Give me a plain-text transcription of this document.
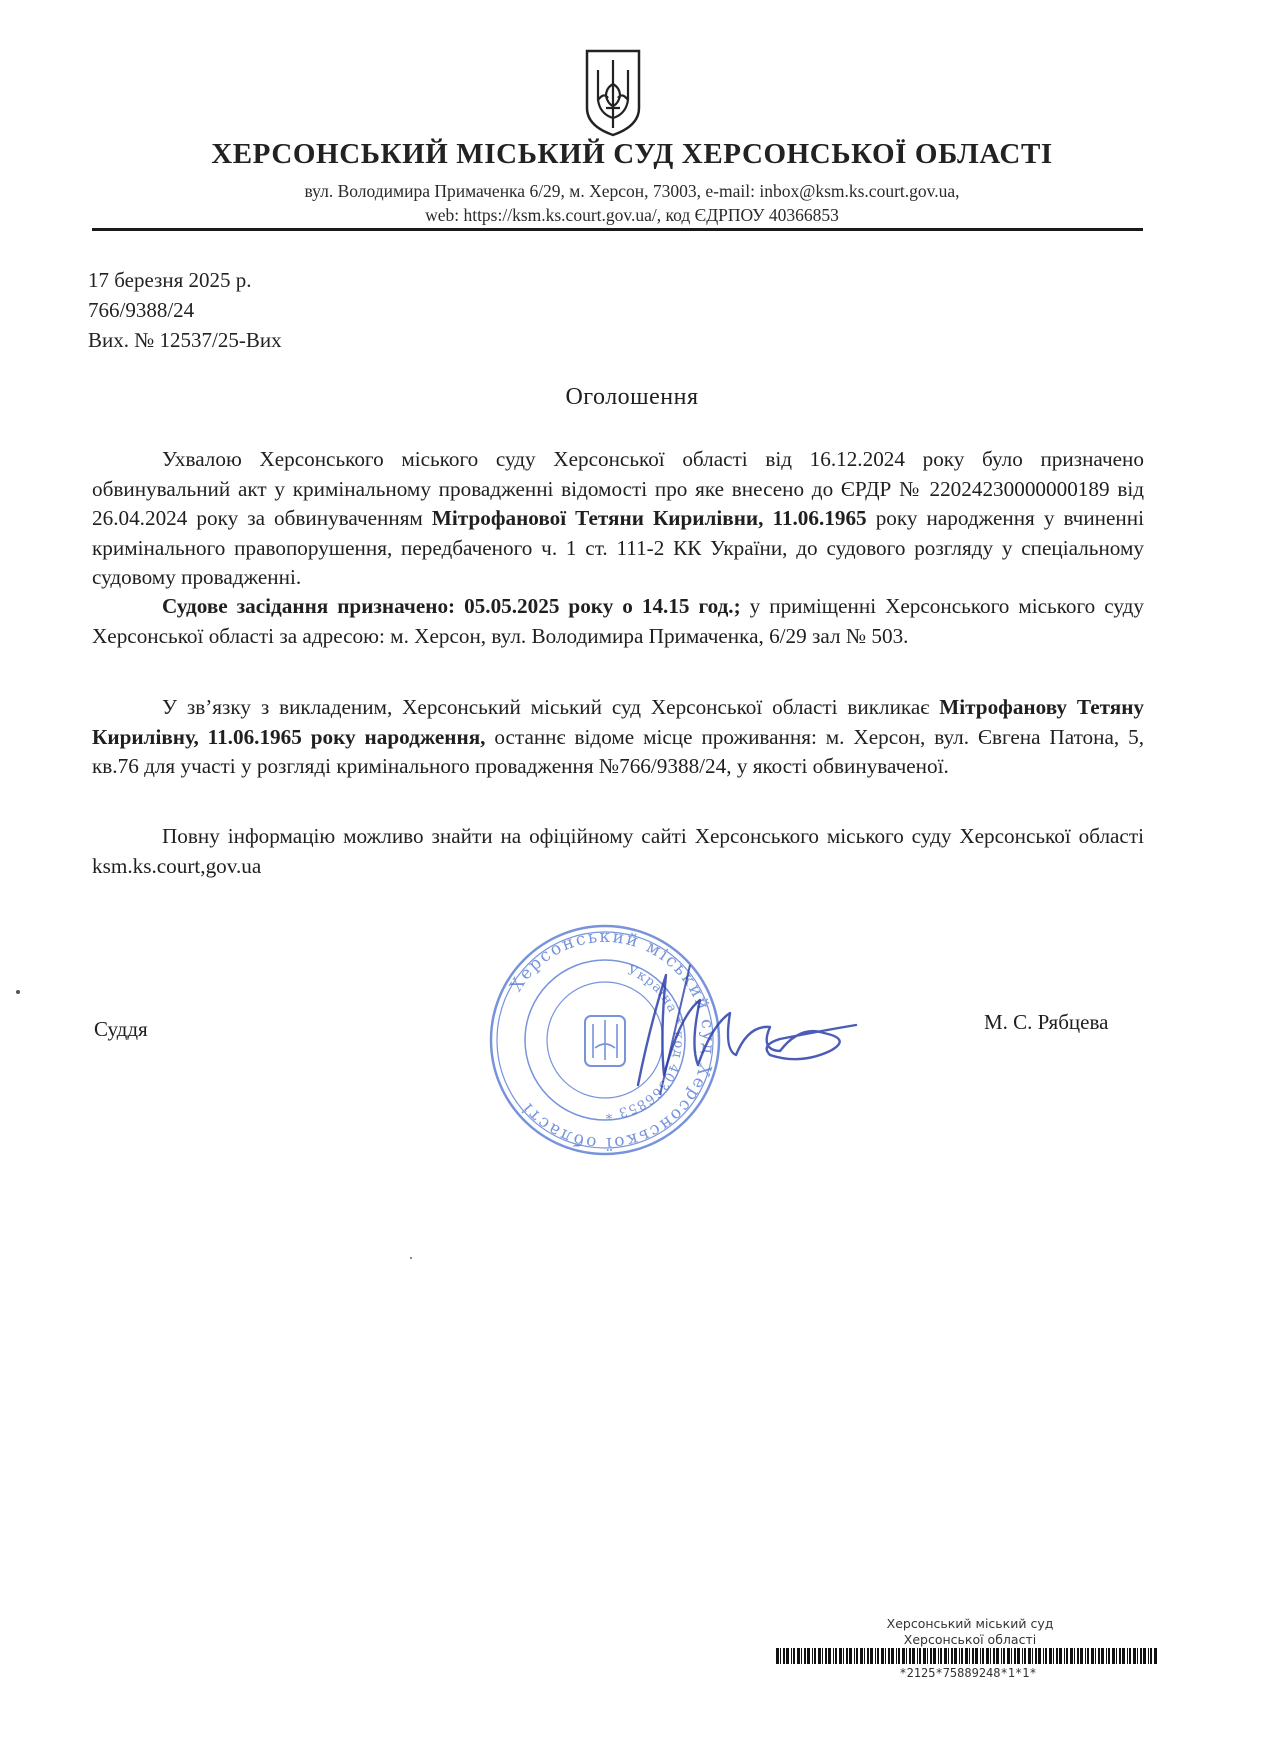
ХЕРСОНСЬКИЙ МІСЬКИЙ СУД ХЕРСОНСЬКОЇ ОБЛАСТІ
вул. Володимира Примаченка 6/29, м. Херсон, 73003, e-mail: inbox@ksm.ks.court.gov.ua,
web: https://ksm.ks.court.gov.ua/, код ЄДРПОУ 40366853
17 березня 2025 р.
766/9388/24
Вих. № 12537/25-Вих
Оголошення
Ухвалою Херсонського міського суду Херсонської області від 16.12.2024 року було призначено обвинувальний акт у кримінальному провадженні відомості про яке внесено до ЄРДР № 22024230000000189 від 26.04.2024 року за обвинуваченням Мітрофанової Тетяни Кирилівни, 11.06.1965 року народження у вчиненні кримінального правопорушення, передбаченого ч. 1 ст. 111-2 КК України, до судового розгляду у спеціальному судовому провадженні.
Судове засідання призначено: 05.05.2025 року о 14.15 год.; у приміщенні Херсонського міського суду Херсонської області за адресою: м. Херсон, вул. Володимира Примаченка, 6/29 зал № 503.
У зв’язку з викладеним, Херсонський міський суд Херсонської області викликає Мітрофанову Тетяну Кирилівну, 11.06.1965 року народження, останнє відоме місце проживання: м. Херсон, вул. Євгена Патона, 5, кв.76 для участі у розгляді кримінального провадження №766/9388/24, у якості обвинуваченої.
Повну інформацію можливо знайти на офіційному сайті Херсонського міського суду Херсонської області ksm.ks.court,gov.ua
Херсонський міський суд Херсонської області
Україна * код 40366853 *
Суддя	М. С. Рябцева
Херсонський міський суд
Херсонської області
*2125*75889248*1*1*
